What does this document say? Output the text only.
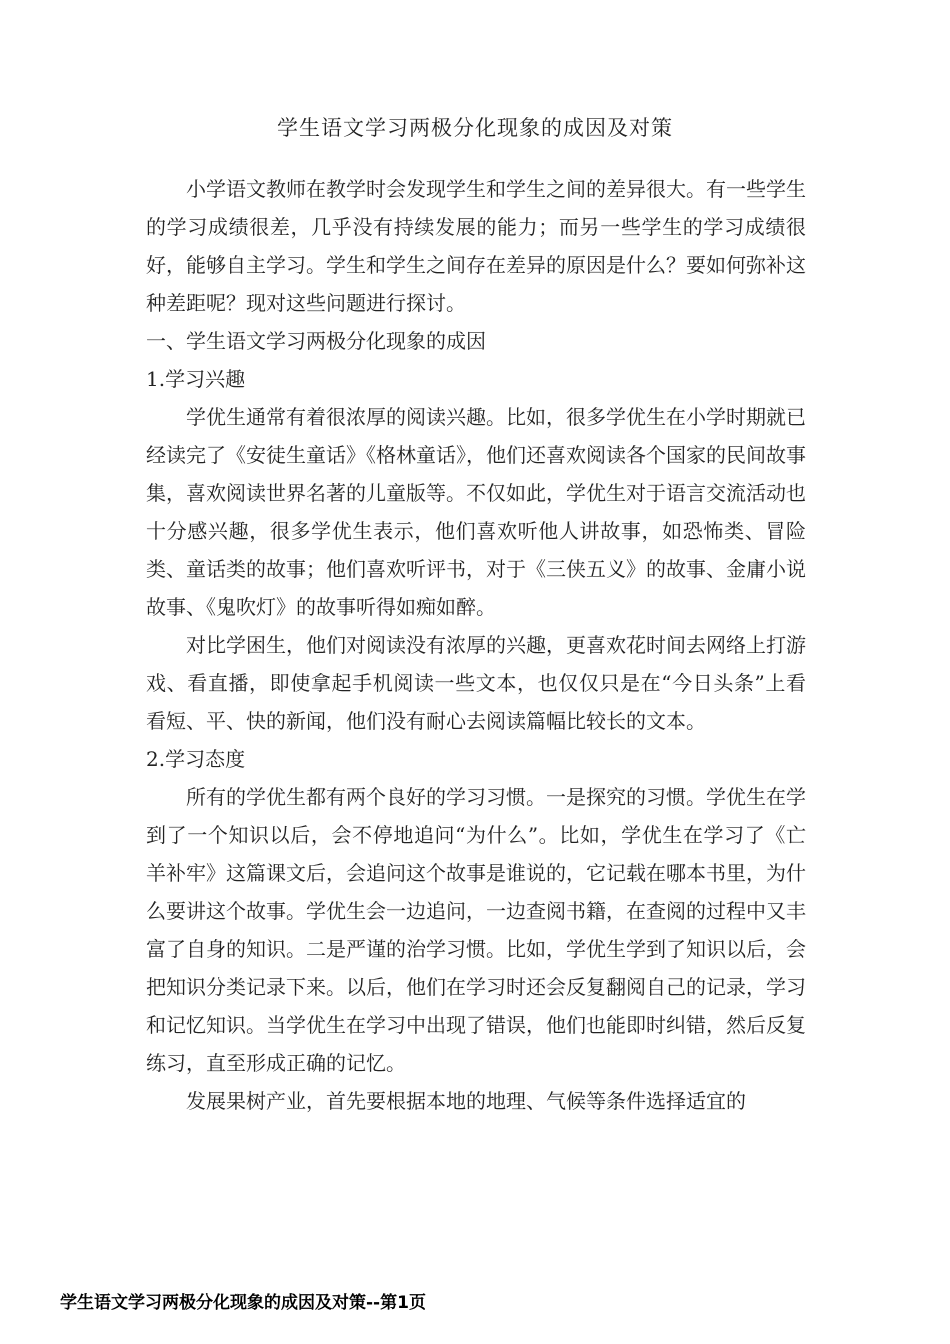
学生语文学习两极分化现象的成因及对策

小学语文教师在教学时会发现学生和学生之间的差异很大。有一些学生的学习成绩很差，几乎没有持续发展的能力；而另一些学生的学习成绩很好，能够自主学习。学生和学生之间存在差异的原因是什么？要如何弥补这种差距呢？现对这些问题进行探讨。

一、学生语文学习两极分化现象的成因

1.学习兴趣

学优生通常有着很浓厚的阅读兴趣。比如，很多学优生在小学时期就已经读完了《安徒生童话》《格林童话》，他们还喜欢阅读各个国家的民间故事集，喜欢阅读世界名著的儿童版等。不仅如此，学优生对于语言交流活动也十分感兴趣，很多学优生表示，他们喜欢听他人讲故事，如恐怖类、冒险类、童话类的故事；他们喜欢听评书，对于《三侠五义》的故事、金庸小说故事、《鬼吹灯》的故事听得如痴如醉。

对比学困生，他们对阅读没有浓厚的兴趣，更喜欢花时间去网络上打游戏、看直播，即使拿起手机阅读一些文本，也仅仅只是在“今日头条”上看看短、平、快的新闻，他们没有耐心去阅读篇幅比较长的文本。

2.学习态度

所有的学优生都有两个良好的学习习惯。一是探究的习惯。学优生在学到了一个知识以后，会不停地追问“为什么”。比如，学优生在学习了《亡羊补牢》这篇课文后，会追问这个故事是谁说的，它记载在哪本书里，为什么要讲这个故事。学优生会一边追问，一边查阅书籍，在查阅的过程中又丰富了自身的知识。二是严谨的治学习惯。比如，学优生学到了知识以后，会把知识分类记录下来。以后，他们在学习时还会反复翻阅自己的记录，学习和记忆知识。当学优生在学习中出现了错误，他们也能即时纠错，然后反复练习，直至形成正确的记忆。

发展果树产业，首先要根据本地的地理、气候等条件选择适宜的

学生语文学习两极分化现象的成因及对策--第1页
